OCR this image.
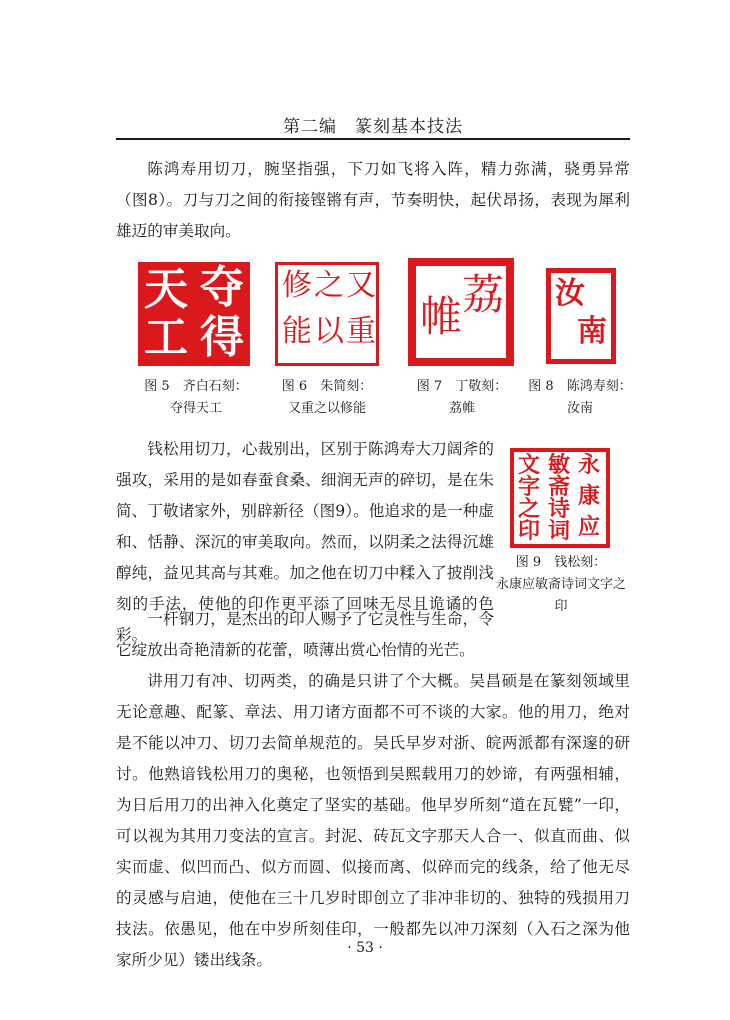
第二编　篆刻基本技法

陈鸿寿用切刀，腕坚指强，下刀如飞将入阵，精力弥满，骁勇异常（图8）。刀与刀之间的衔接铿锵有声，节奏明快，起伏昂扬，表现为犀利雄迈的审美取向。

夺
得
天
工
又
重
之
以
修
能
荔
帷	汝
南
图 5　齐白石刻：
夺得天工
图 6　朱简刻：
又重之以修能
图 7　丁敬刻：
荔帷
图 8　陈鸿寿刻：
汝南

钱松用切刀，心裁别出，区别于陈鸿寿大刀阔斧的强攻，采用的是如春蚕食桑、细润无声的碎切，是在朱简、丁敬诸家外，别辟新径（图9）。他追求的是一种虚和、恬静、深沉的审美取向。然而，以阴柔之法得沉雄醇纯，益见其高与其难。加之他在切刀中糅入了披削浅刻的手法，使他的印作更平添了回味无尽且诡谲的色彩。

永
康
应
敏
斋
诗
词
文
字
之
印
图 9　钱松刻：
永康应敏斋诗词文字之印

一杆钢刀，是杰出的印人赐予了它灵性与生命，令它绽放出奇艳清新的花蕾，喷薄出赏心怡情的光芒。

讲用刀有冲、切两类，的确是只讲了个大概。吴昌硕是在篆刻领域里无论意趣、配篆、章法、用刀诸方面都不可不谈的大家。他的用刀，绝对是不能以冲刀、切刀去简单规范的。吴氏早岁对浙、皖两派都有深邃的研讨。他熟谙钱松用刀的奥秘，也领悟到吴熙载用刀的妙谛，有两强相辅，为日后用刀的出神入化奠定了坚实的基础。他早岁所刻“道在瓦甓”一印，可以视为其用刀变法的宣言。封泥、砖瓦文字那天人合一、似直而曲、似实而虚、似凹而凸、似方而圆、似接而离、似碎而完的线条，给了他无尽的灵感与启迪，使他在三十几岁时即创立了非冲非切的、独特的残损用刀技法。依愚见，他在中岁所刻佳印，一般都先以冲刀深刻（入石之深为他家所少见）镂出线条。

· 53 ·
